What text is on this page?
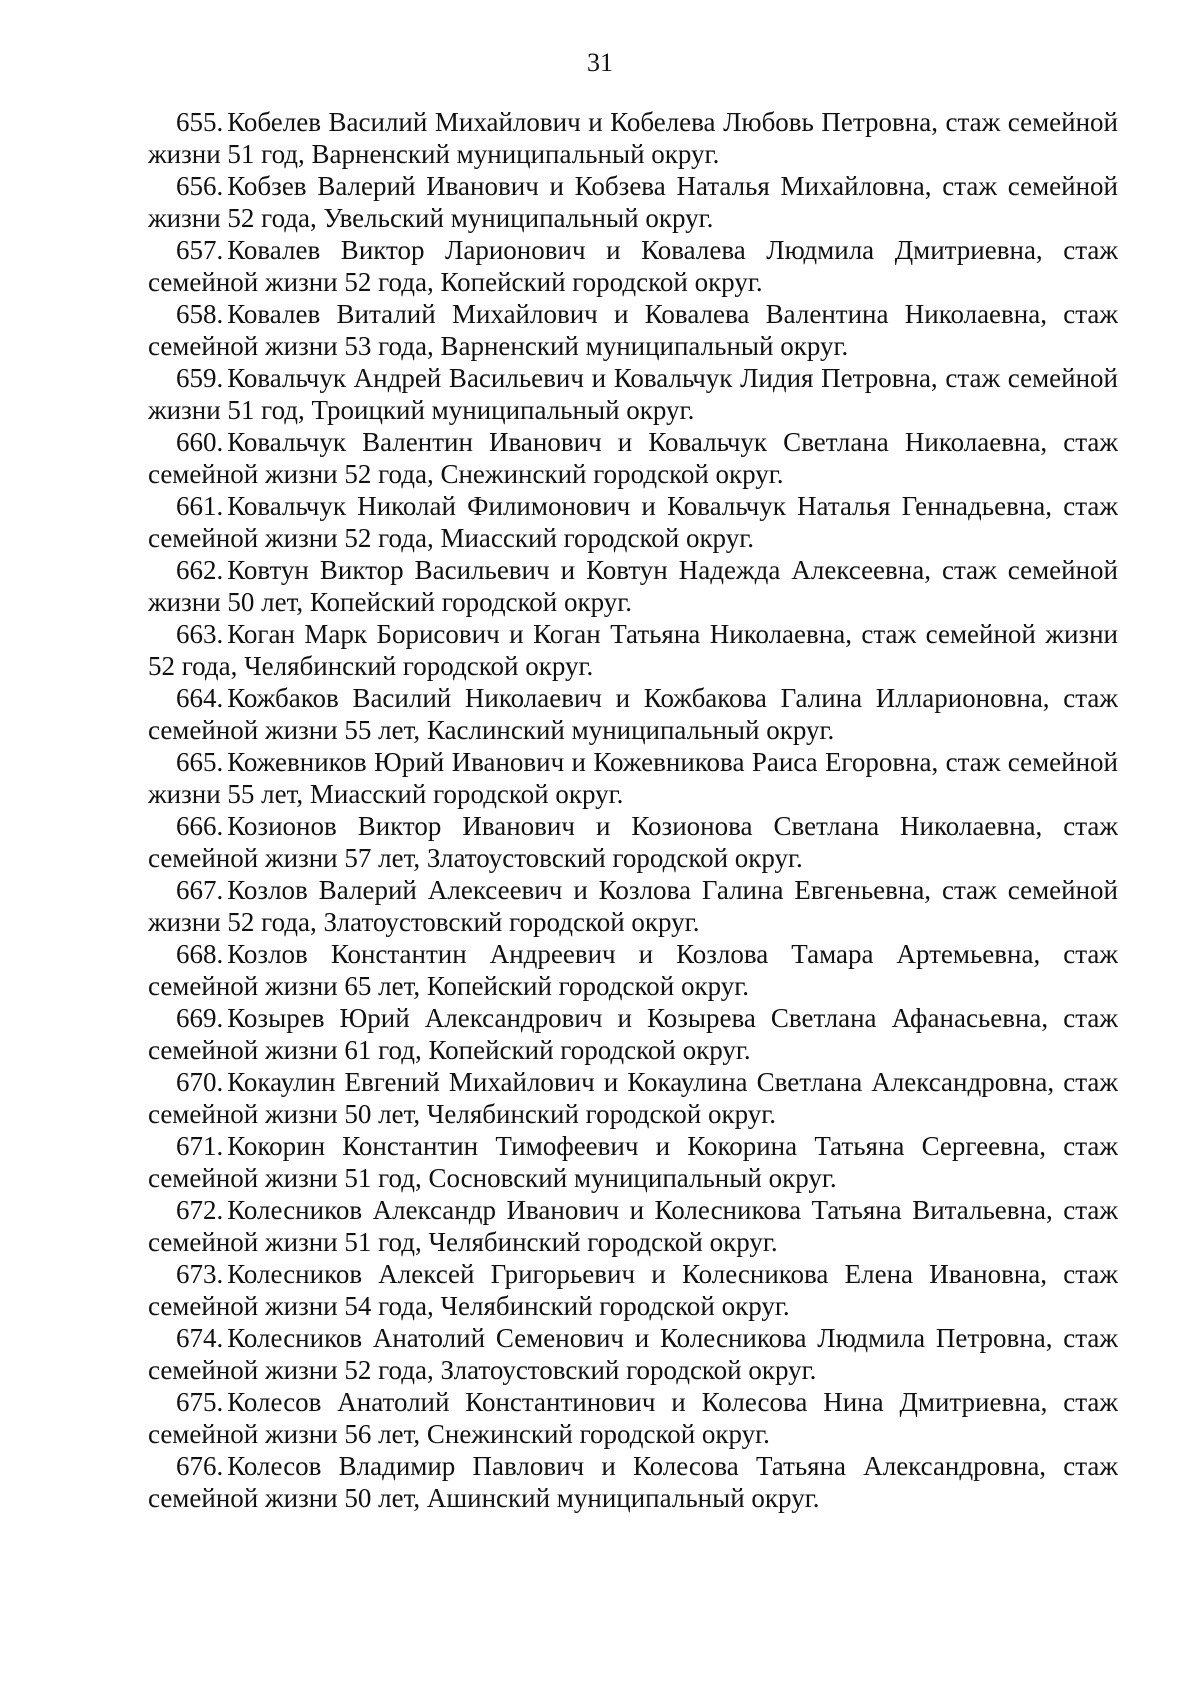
31

655. Кобелев Василий Михайлович и Кобелева Любовь Петровна, стаж семейной жизни 51 год, Варненский муниципальный округ.

656. Кобзев Валерий Иванович и Кобзева Наталья Михайловна, стаж семейной жизни 52 года, Увельский муниципальный округ.

657. Ковалев Виктор Ларионович и Ковалева Людмила Дмитриевна, стаж семейной жизни 52 года, Копейский городской округ.

658. Ковалев Виталий Михайлович и Ковалева Валентина Николаевна, стаж семейной жизни 53 года, Варненский муниципальный округ.

659. Ковальчук Андрей Васильевич и Ковальчук Лидия Петровна, стаж семейной жизни 51 год, Троицкий муниципальный округ.

660. Ковальчук Валентин Иванович и Ковальчук Светлана Николаевна, стаж семейной жизни 52 года, Снежинский городской округ.

661. Ковальчук Николай Филимонович и Ковальчук Наталья Геннадьевна, стаж семейной жизни 52 года, Миасский городской округ.

662. Ковтун Виктор Васильевич и Ковтун Надежда Алексеевна, стаж семейной жизни 50 лет, Копейский городской округ.

663. Коган Марк Борисович и Коган Татьяна Николаевна, стаж семейной жизни 52 года, Челябинский городской округ.

664. Кожбаков Василий Николаевич и Кожбакова Галина Илларионовна, стаж семейной жизни 55 лет, Каслинский муниципальный округ.

665. Кожевников Юрий Иванович и Кожевникова Раиса Егоровна, стаж семейной жизни 55 лет, Миасский городской округ.

666. Козионов Виктор Иванович и Козионова Светлана Николаевна, стаж семейной жизни 57 лет, Златоустовский городской округ.

667. Козлов Валерий Алексеевич и Козлова Галина Евгеньевна, стаж семейной жизни 52 года, Златоустовский городской округ.

668. Козлов Константин Андреевич и Козлова Тамара Артемьевна, стаж семейной жизни 65 лет, Копейский городской округ.

669. Козырев Юрий Александрович и Козырева Светлана Афанасьевна, стаж семейной жизни 61 год, Копейский городской округ.

670. Кокаулин Евгений Михайлович и Кокаулина Светлана Александровна, стаж семейной жизни 50 лет, Челябинский городской округ.

671. Кокорин Константин Тимофеевич и Кокорина Татьяна Сергеевна, стаж семейной жизни 51 год, Сосновский муниципальный округ.

672. Колесников Александр Иванович и Колесникова Татьяна Витальевна, стаж семейной жизни 51 год, Челябинский городской округ.

673. Колесников Алексей Григорьевич и Колесникова Елена Ивановна, стаж семейной жизни 54 года, Челябинский городской округ.

674. Колесников Анатолий Семенович и Колесникова Людмила Петровна, стаж семейной жизни 52 года, Златоустовский городской округ.

675. Колесов Анатолий Константинович и Колесова Нина Дмитриевна, стаж семейной жизни 56 лет, Снежинский городской округ.

676. Колесов Владимир Павлович и Колесова Татьяна Александровна, стаж семейной жизни 50 лет, Ашинский муниципальный округ.
